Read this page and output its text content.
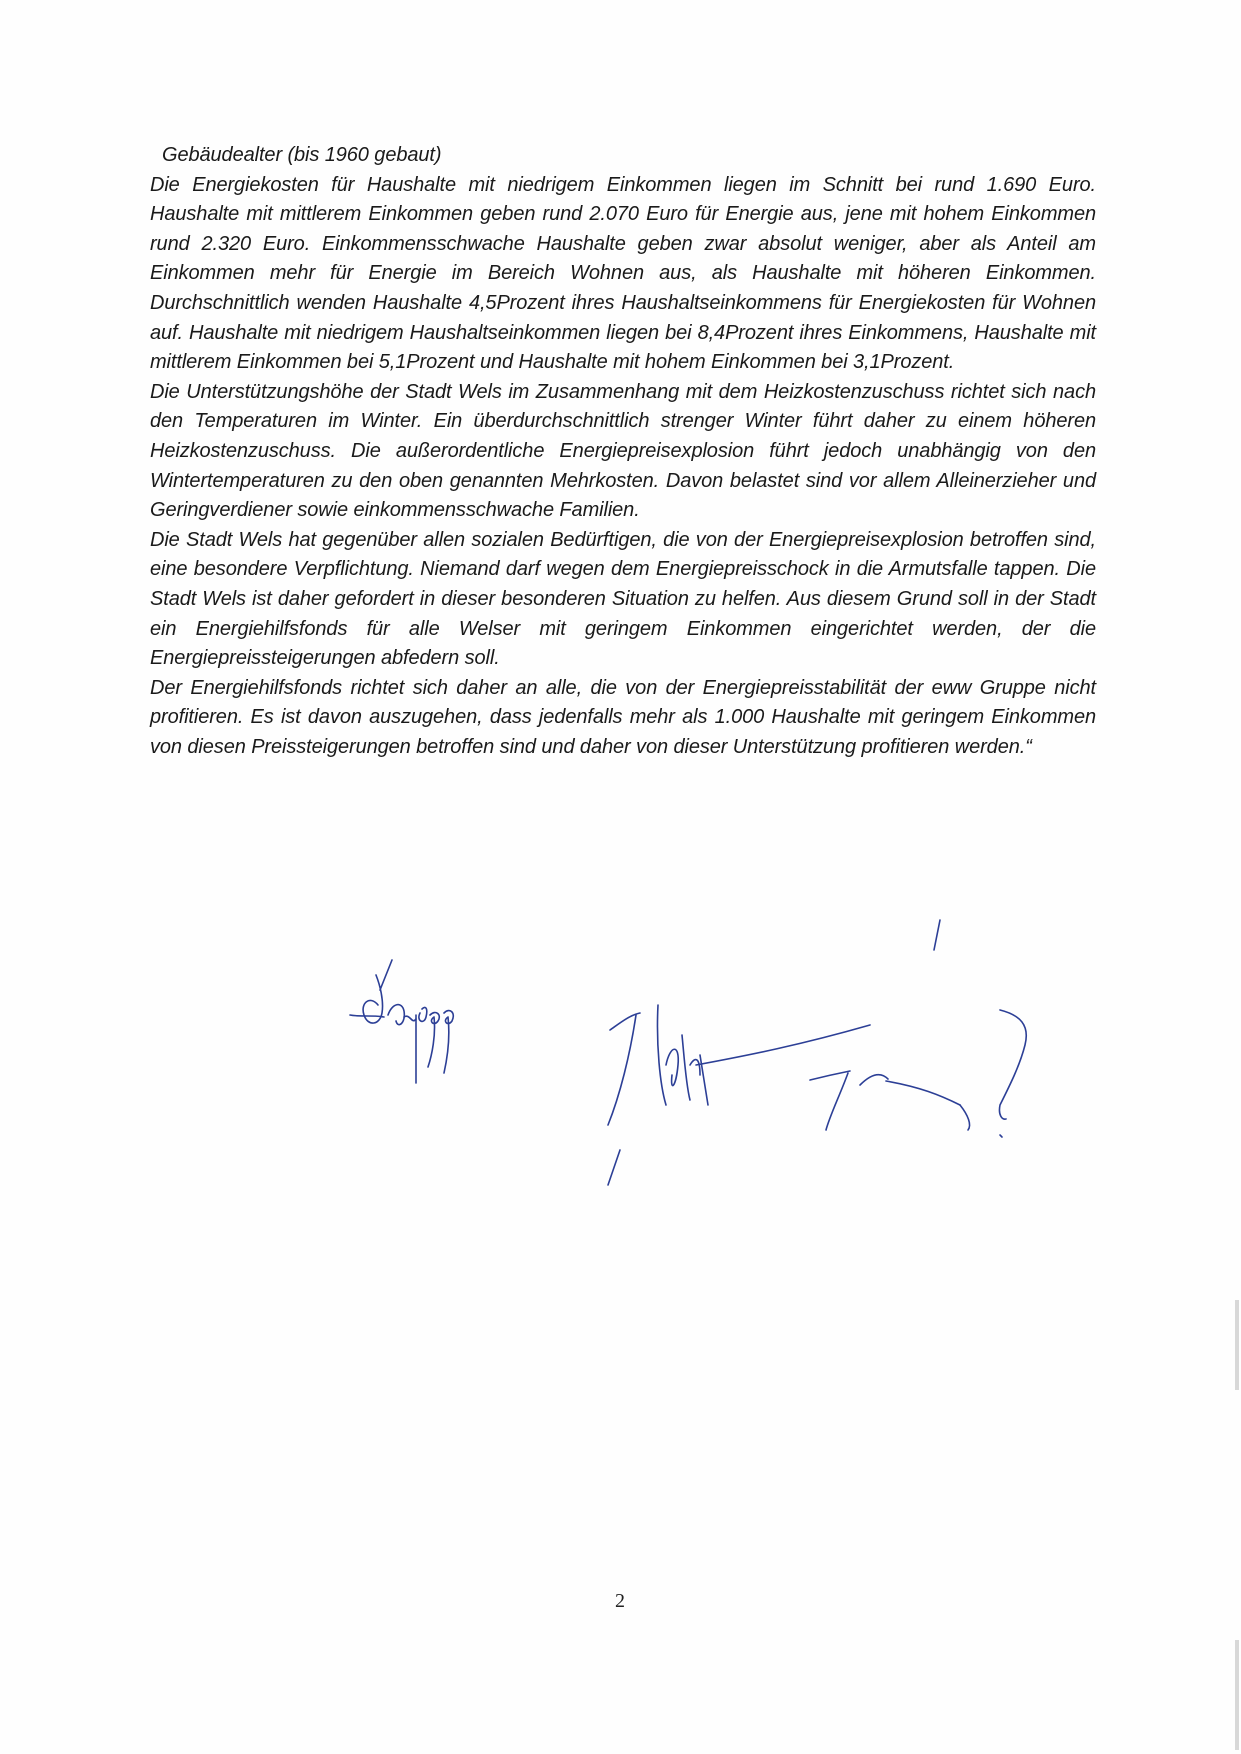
Gebäudealter (bis 1960 gebaut)

Die Energiekosten für Haushalte mit niedrigem Einkommen liegen im Schnitt bei rund 1.690 Euro. Haushalte mit mittlerem Einkommen geben rund 2.070 Euro für Energie aus, jene mit hohem Einkommen rund 2.320 Euro. Einkommensschwache Haushalte geben zwar absolut weniger, aber als Anteil am Einkommen mehr für Energie im Bereich Wohnen aus, als Haushalte mit höheren Einkommen. Durchschnittlich wenden Haushalte 4,5Prozent ihres Haushaltseinkommens für Energiekosten für Wohnen auf. Haushalte mit niedrigem Haushaltseinkommen liegen bei 8,4Prozent ihres Einkommens, Haushalte mit mittlerem Einkommen bei 5,1Prozent und Haushalte mit hohem Einkommen bei 3,1Prozent.

Die Unterstützungshöhe der Stadt Wels im Zusammenhang mit dem Heizkostenzuschuss richtet sich nach den Temperaturen im Winter. Ein überdurchschnittlich strenger Winter führt daher zu einem höheren Heizkostenzuschuss. Die außerordentliche Energiepreisexplosion führt jedoch unabhängig von den Wintertemperaturen zu den oben genannten Mehrkosten. Davon belastet sind vor allem Alleinerzieher und Geringverdiener sowie einkommensschwache Familien.

Die Stadt Wels hat gegenüber allen sozialen Bedürftigen, die von der Energiepreisexplosion betroffen sind, eine besondere Verpflichtung. Niemand darf wegen dem Energiepreisschock in die Armutsfalle tappen. Die Stadt Wels ist daher gefordert in dieser besonderen Situation zu helfen. Aus diesem Grund soll in der Stadt ein Energiehilfsfonds für alle Welser mit geringem Einkommen eingerichtet werden, der die Energiepreissteigerungen abfedern soll.

Der Energiehilfsfonds richtet sich daher an alle, die von der Energiepreisstabilität der eww Gruppe nicht profitieren. Es ist davon auszugehen, dass jedenfalls mehr als 1.000 Haushalte mit geringem Einkommen von diesen Preissteigerungen betroffen sind und daher von dieser Unterstützung profitieren werden.“

2
